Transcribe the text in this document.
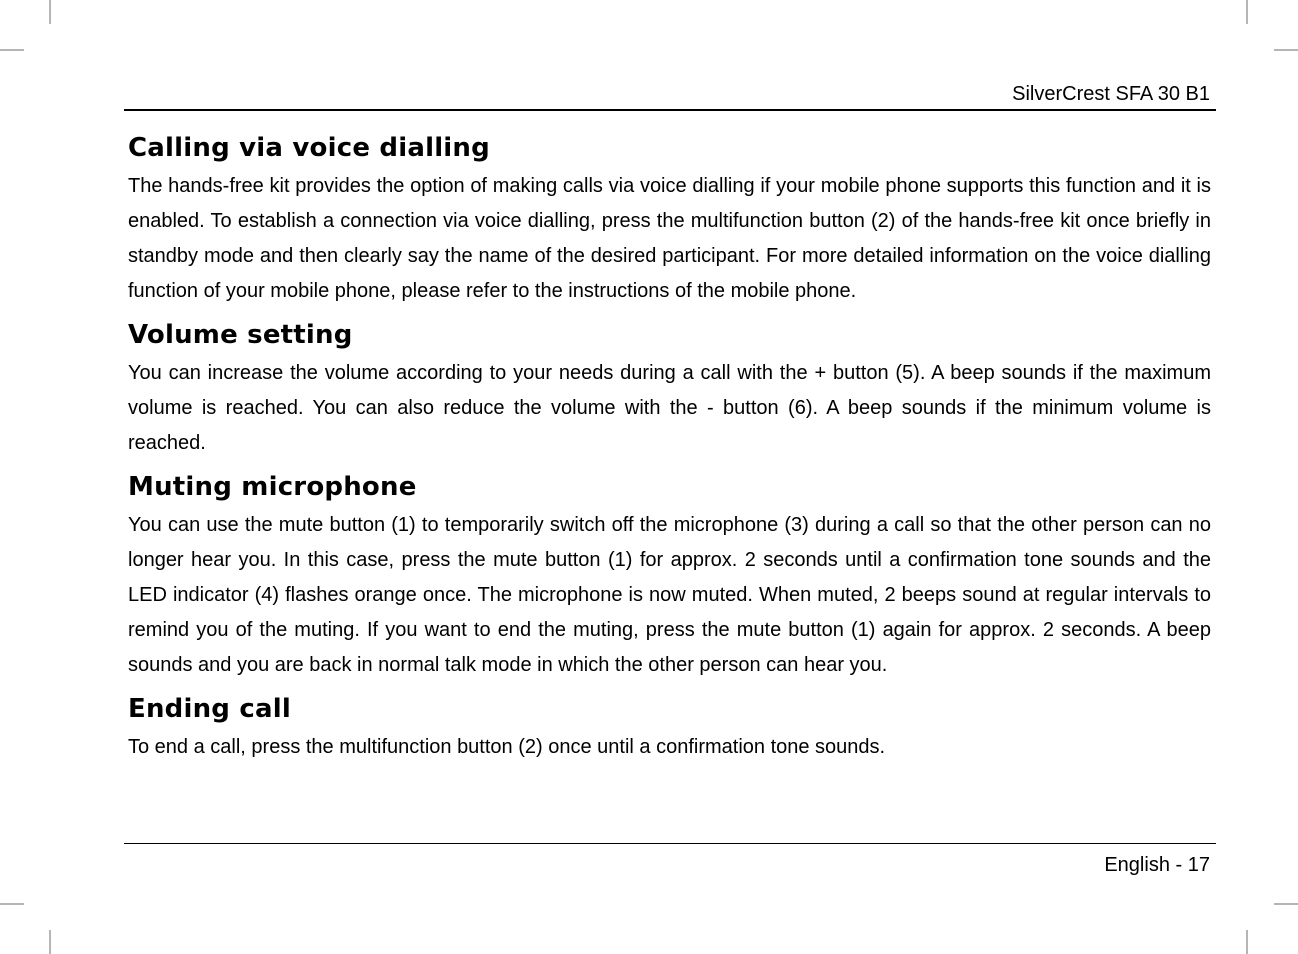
SilverCrest SFA 30 B1
Calling via voice dialling

The hands-free kit provides the option of making calls via voice dialling if your mobile phone supports this function and it is enabled. To establish a connection via voice dialling, press the multifunction button (2) of the hands-free kit once briefly in standby mode and then clearly say the name of the desired participant. For more detailed information on the voice dialling function of your mobile phone, please refer to the instructions of the mobile phone.

Volume setting

You can increase the volume according to your needs during a call with the + button (5). A beep sounds if the maximum volume is reached. You can also reduce the volume with the - button (6). A beep sounds if the minimum volume is reached.

Muting microphone

You can use the mute button (1) to temporarily switch off the microphone (3) during a call so that the other person can no longer hear you. In this case, press the mute button (1) for approx. 2 seconds until a confirmation tone sounds and the LED indicator (4) flashes orange once. The microphone is now muted. When muted, 2 beeps sound at regular intervals to remind you of the muting. If you want to end the muting, press the mute button (1) again for approx. 2 seconds. A beep sounds and you are back in normal talk mode in which the other person can hear you.

Ending call

To end a call, press the multifunction button (2) once until a confirmation tone sounds.

English - 17
